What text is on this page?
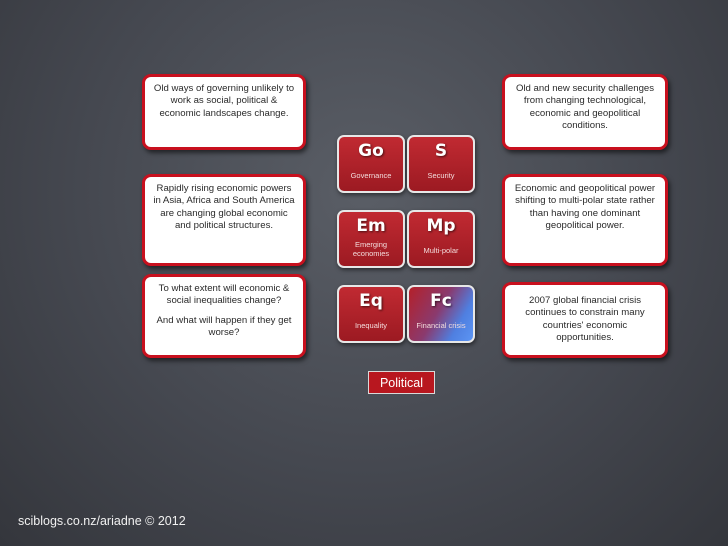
Old ways of governing unlikely to
work as social, political &
economic landscapes change.
Rapidly rising economic powers
in Asia, Africa and South America
are changing global economic
and political structures.
To what extent will economic &
social inequalities change?
And what will happen if they get
worse?
Old and new security challenges
from changing technological,
economic and geopolitical
conditions.
Economic and geopolitical power
shifting to multi-polar state rather
than having one dominant
geopolitical power.
2007 global financial crisis
continues to constrain many
countries' economic
opportunities.
Go
Governance
S
Security
Em
Emerging
economies
Mp
Multi-polar
Eq
Inequality
Fc
Financial crisis
Political
sciblogs.co.nz/ariadne © 2012
